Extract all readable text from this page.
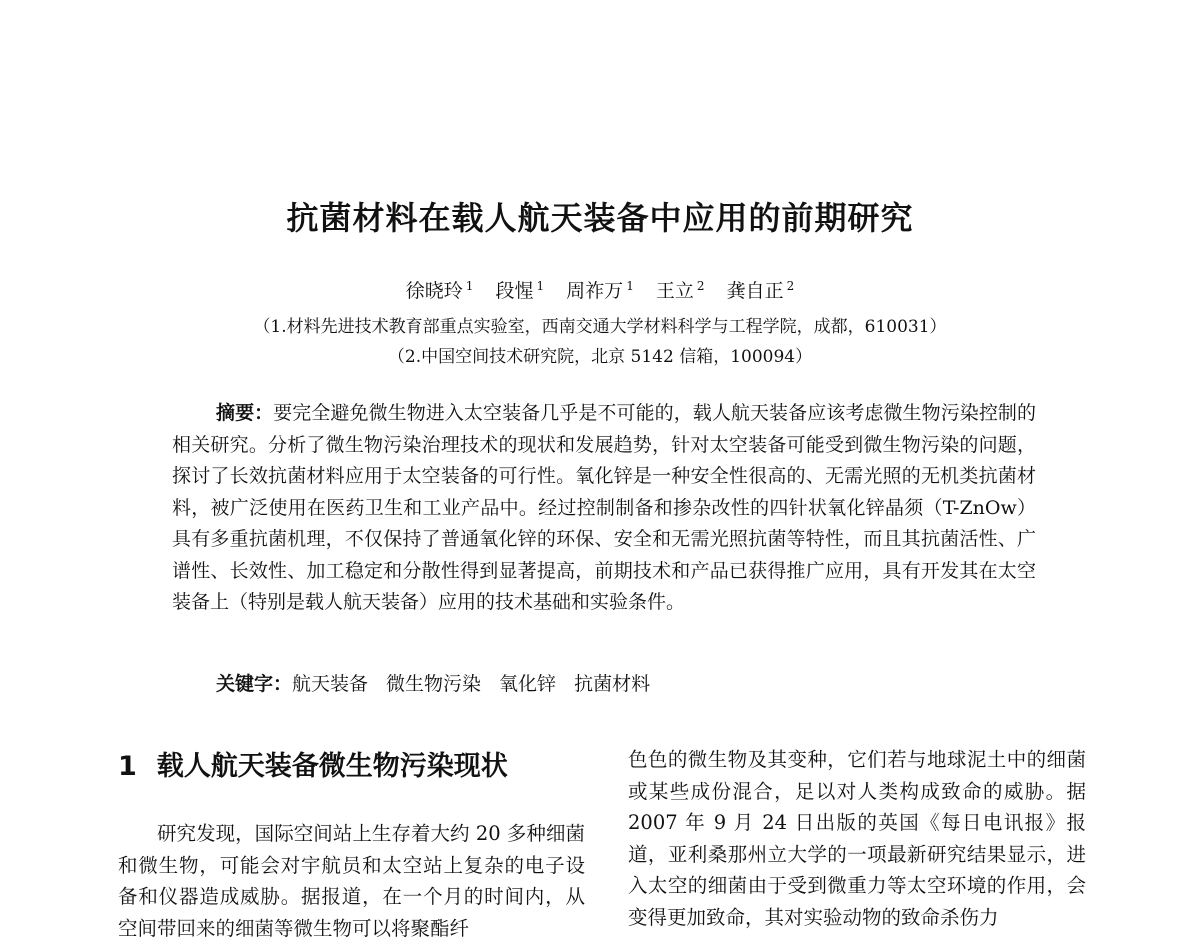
抗菌材料在载人航天装备中应用的前期研究
徐晓玲 $^1$ 段惺 $^1$ 周祚万 $^1$ 王立 $^2$ 龚自正 $^2$
（1.材料先进技术教育部重点实验室，西南交通大学材料科学与工程学院，成都，610031）
（2.中国空间技术研究院，北京 5142 信箱，100094）

摘要：要完全避免微生物进入太空装备几乎是不可能的，载人航天装备应该考虑微生物污染控制的相关研究。分析了微生物污染治理技术的现状和发展趋势，针对太空装备可能受到微生物污染的问题，探讨了长效抗菌材料应用于太空装备的可行性。氧化锌是一种安全性很高的、无需光照的无机类抗菌材料，被广泛使用在医药卫生和工业产品中。经过控制制备和掺杂改性的四针状氧化锌晶须（T-ZnOw）具有多重抗菌机理，不仅保持了普通氧化锌的环保、安全和无需光照抗菌等特性，而且其抗菌活性、广谱性、长效性、加工稳定和分散性得到显著提高，前期技术和产品已获得推广应用，具有开发其在太空装备上（特别是载人航天装备）应用的技术基础和实验条件。

关键字：航天装备 微生物污染 氧化锌 抗菌材料
1 载人航天装备微生物污染现状

研究发现，国际空间站上生存着大约 20 多种细菌和微生物，可能会对宇航员和太空站上复杂的电子设备和仪器造成威胁。据报道，在一个月的时间内，从空间带回来的细菌等微生物可以将聚酯纤

色色的微生物及其变种，它们若与地球泥土中的细菌或某些成份混合，足以对人类构成致命的威胁。据 2007 年 9 月 24 日出版的英国《每日电讯报》报道，亚利桑那州立大学的一项最新研究结果显示，进入太空的细菌由于受到微重力等太空环境的作用，会变得更加致命，其对实验动物的致命杀伤力
